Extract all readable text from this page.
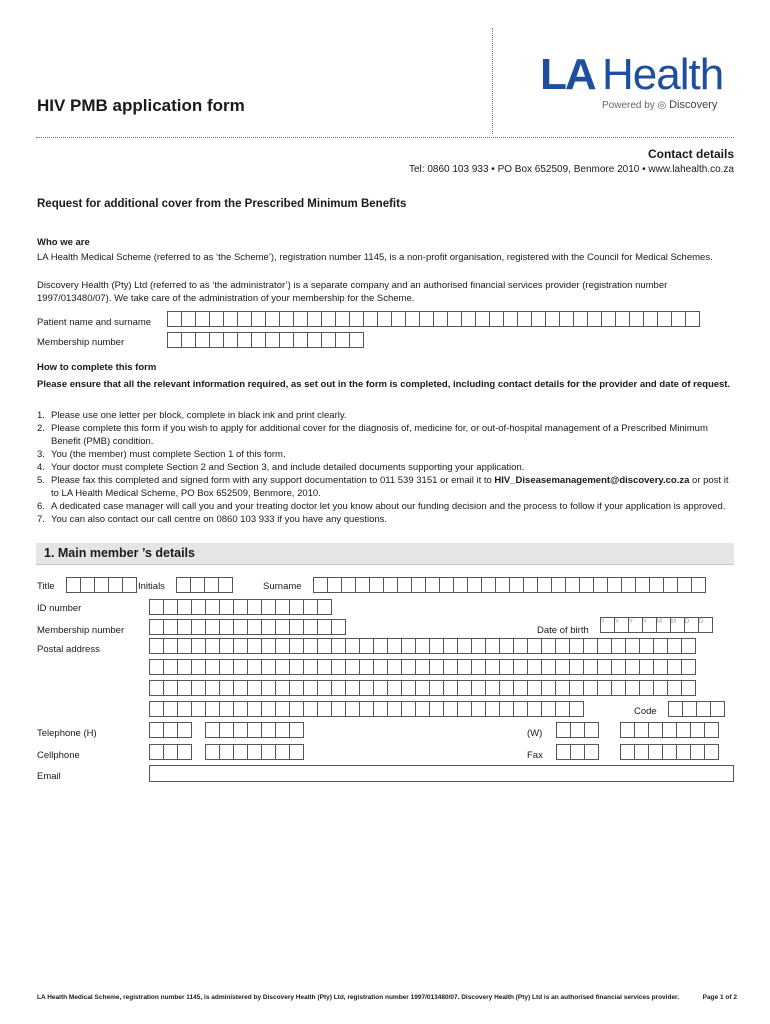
HIV PMB application form
LA Health
Powered by ◎ Discovery
Contact details
Tel: 0860 103 933 • PO Box 652509, Benmore 2010 • www.lahealth.co.za
Request for additional cover from the Prescribed Minimum Benefits
Who we are
LA Health Medical Scheme (referred to as ‘the Scheme’), registration number 1145, is a non-profit organisation, registered with the Council for Medical Schemes.
Discovery Health (Pty) Ltd (referred to as ‘the administrator’) is a separate company and an authorised financial services provider (registration number 1997/013480/07). We take care of the administration of your membership for the Scheme.
Patient name and surname
Membership number
How to complete this form
Please ensure that all the relevant information required, as set out in the form is completed, including contact details for the provider and date of request.
1. Please use one letter per block, complete in black ink and print clearly.
2. Please complete this form if you wish to apply for additional cover for the diagnosis of, medicine for, or out-of-hospital management of a Prescribed Minimum Benefit (PMB) condition.
3. You (the member) must complete Section 1 of this form.
4. Your doctor must complete Section 2 and Section 3, and include detailed documents supporting your application.
5. Please fax this completed and signed form with any support documentation to 011 539 3151 or email it to HIV_Diseasemanagement@discovery.co.za or post it to LA Health Medical Scheme, PO Box 652509, Benmore, 2010.
6. A dedicated case manager will call you and your treating doctor let you know about our funding decision and the process to follow if your application is approved.
7. You can also contact our call centre on 0860 103 933 if you have any questions.
1. Main member ’s details
Title	Initials	Surname
ID number
Membership number	Date of birth
Y	Y	Y	Y	M	M	D	D
Postal address
Code
Telephone (H)	(W)
Cellphone	Fax
Email
LA Health Medical Scheme, registration number 1145, is administered by Discovery Health (Pty) Ltd, registration number 1997/013480/07. Discovery Health (Pty) Ltd is an authorised financial services provider.	Page 1 of 2
